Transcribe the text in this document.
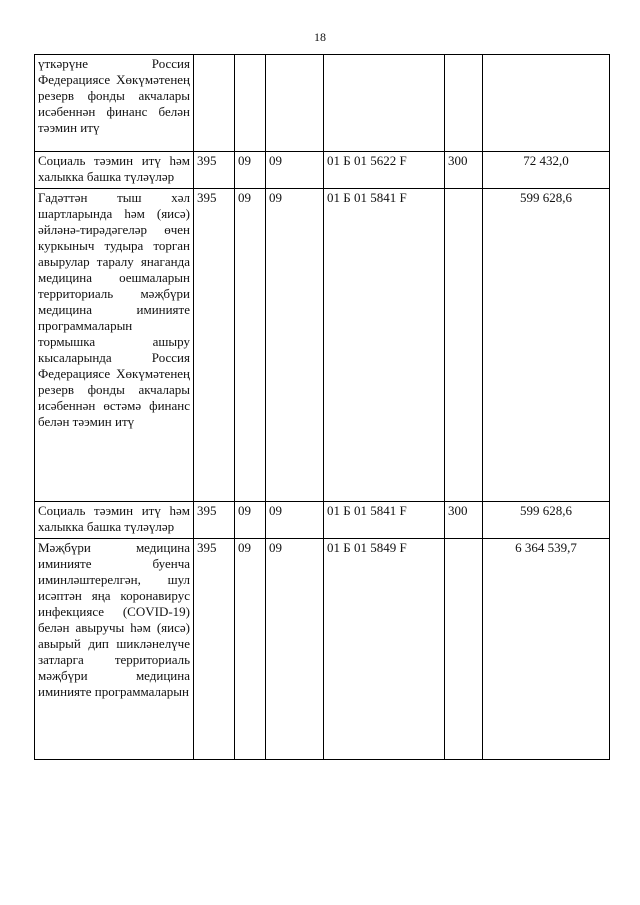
18
үткәрүне Россия Федерациясе Хөкүмәтенең резерв фонды акчалары исәбеннән финанс белән тәэмин итү						
Социаль тәэмин итү һәм халыкка башка түләүләр	395	09	09	01 Б 01 5622 F	300	72 432,0
Гадәттән тыш хәл шартларында һәм (яисә) әйләнә-тирәдәгеләр өчен куркыныч тудыра торган авырулар таралу янаганда медицина оешмаларын территориаль мәҗбүри медицина иминияте программаларын тормышка ашыру кысаларында Россия Федерациясе Хөкүмәтенең резерв фонды акчалары исәбеннән өстәмә финанс белән тәэмин итү	395	09	09	01 Б 01 5841 F		599 628,6
Социаль тәэмин итү һәм халыкка башка түләүләр	395	09	09	01 Б 01 5841 F	300	599 628,6
Мәҗбүри медицина иминияте буенча иминләштерелгән, шул исәптән яңа коронавирус инфекциясе (COVID-19) белән авыручы һәм (яисә) авырый дип шикләнелүче затларга территориаль мәҗбүри медицина иминияте программаларын	395	09	09	01 Б 01 5849 F		6 364 539,7
